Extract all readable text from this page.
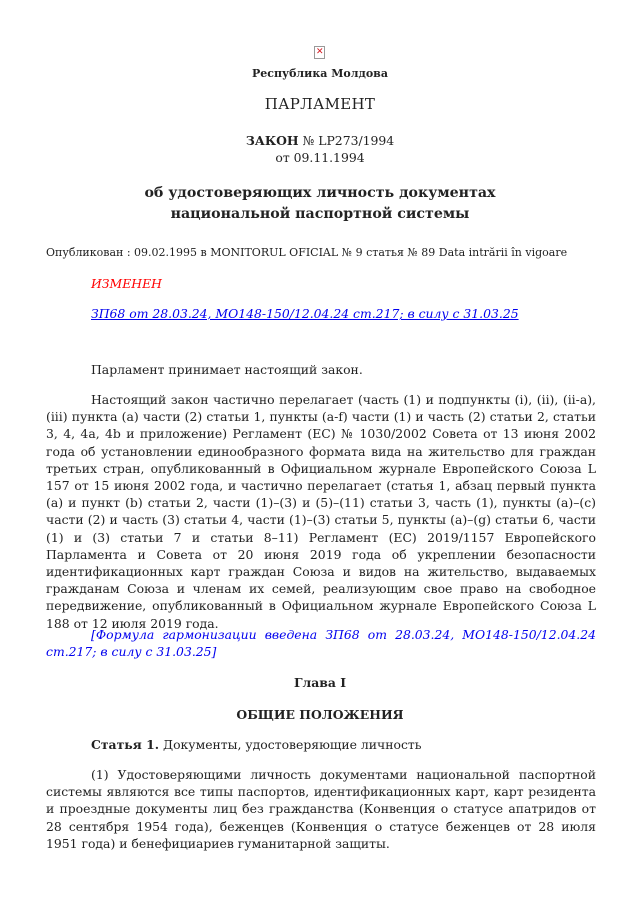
✕
Республика Молдова
ПАРЛАМЕНТ
ЗАКОН № LP273/1994
от 09.11.1994
об удостоверяющих личность документах
национальной паспортной системы
Опубликован : 09.02.1995 в MONITORUL OFICIAL № 9 статья № 89 Data intrării în vigoare
ИЗМЕНЕН
ЗП68 от 28.03.24, MO148-150/12.04.24 ст.217; в силу с 31.03.25
Парламент принимает настоящий закон.
Настоящий закон частично перелагает (часть (1) и подпункты (i), (ii), (ii-a), (iii) пункта (a) части (2) статьи 1, пункты (a-f) части (1) и часть (2) статьи 2, статьи 3, 4, 4a, 4b и приложение) Регламент (ЕС) № 1030/2002 Совета от 13 июня 2002 года об установлении единообразного формата вида на жительство для граждан третьих стран, опубликованный в Официальном журнале Европейского Союза L 157 от 15 июня 2002 года, и частично перелагает (статья 1, абзац первый пункта (a) и пункт (b) статьи 2, части (1)–(3) и (5)–(11) статьи 3, часть (1), пункты (a)–(c) части (2) и часть (3) статьи 4, части (1)–(3) статьи 5, пункты (a)–(g) статьи 6, части (1) и (3) статьи 7 и статьи 8–11) Регламент (ЕС) 2019/1157 Европейского Парламента и Совета от 20 июня 2019 года об укреплении безопасности идентификационных карт граждан Союза и видов на жительство, выдаваемых гражданам Союза и членам их семей, реализующим свое право на свободное передвижение, опубликованный в Официальном журнале Европейского Союза L 188 от 12 июля 2019 года.
[Формула гармонизации введена ЗП68 от 28.03.24, MO148-150/12.04.24 ст.217; в силу с 31.03.25]
Глава I
ОБЩИЕ ПОЛОЖЕНИЯ
Статья 1. Документы, удостоверяющие личность
(1) Удостоверяющими личность документами национальной паспортной системы являются все типы паспортов, идентификационных карт, карт резидента и проездные документы лиц без гражданства (Конвенция о статусе апатридов от 28 сентября 1954 года), беженцев (Конвенция о статусе беженцев от 28 июля 1951 года) и бенефициариев гуманитарной защиты.
